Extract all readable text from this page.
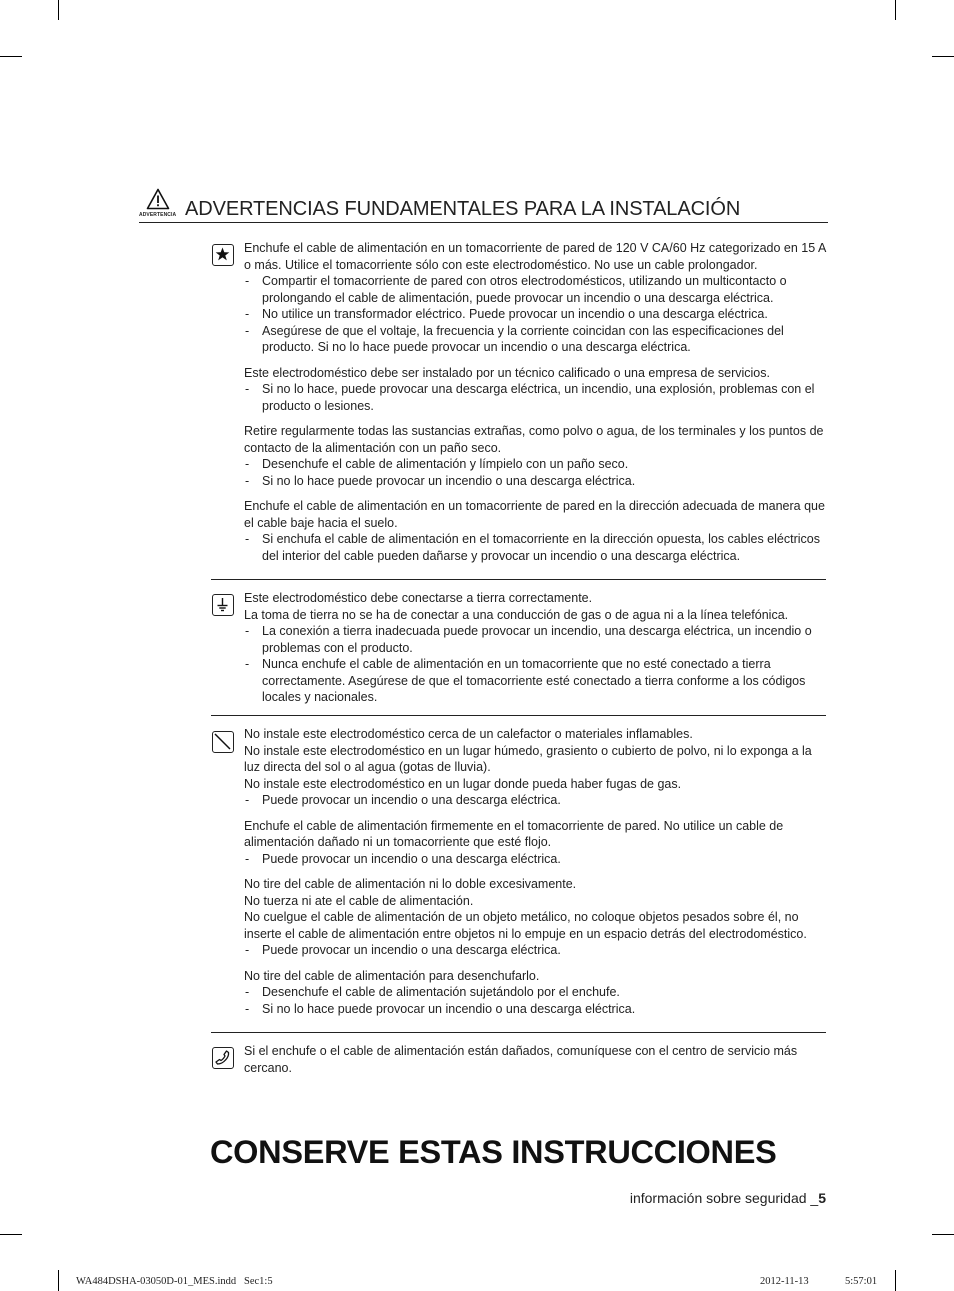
ADVERTENCIA ADVERTENCIAS FUNDAMENTALES PARA LA INSTALACIÓN

Enchufe el cable de alimentación en un tomacorriente de pared de 120 V CA/60 Hz categorizado en 15 A o más. Utilice el tomacorriente sólo con este electrodoméstico. No use un cable prolongador.

- Compartir el tomacorriente de pared con otros electrodomésticos, utilizando un multicontacto o prolongando el cable de alimentación, puede provocar un incendio o una descarga eléctrica.

- No utilice un transformador eléctrico. Puede provocar un incendio o una descarga eléctrica.

- Asegúrese de que el voltaje, la frecuencia y la corriente coincidan con las especificaciones del producto. Si no lo hace puede provocar un incendio o una descarga eléctrica.

Este electrodoméstico debe ser instalado por un técnico calificado o una empresa de servicios.

- Si no lo hace, puede provocar una descarga eléctrica, un incendio, una explosión, problemas con el producto o lesiones.

Retire regularmente todas las sustancias extrañas, como polvo o agua, de los terminales y los puntos de contacto de la alimentación con un paño seco.

- Desenchufe el cable de alimentación y límpielo con un paño seco.

- Si no lo hace puede provocar un incendio o una descarga eléctrica.

Enchufe el cable de alimentación en un tomacorriente de pared en la dirección adecuada de manera que el cable baje hacia el suelo.

- Si enchufa el cable de alimentación en el tomacorriente en la dirección opuesta, los cables eléctricos del interior del cable pueden dañarse y provocar un incendio o una descarga eléctrica.

Este electrodoméstico debe conectarse a tierra correctamente.
La toma de tierra no se ha de conectar a una conducción de gas o de agua ni a la línea telefónica.

- La conexión a tierra inadecuada puede provocar un incendio, una descarga eléctrica, un incendio o problemas con el producto.

- Nunca enchufe el cable de alimentación en un tomacorriente que no esté conectado a tierra correctamente. Asegúrese de que el tomacorriente esté conectado a tierra conforme a los códigos locales y nacionales.

No instale este electrodoméstico cerca de un calefactor o materiales inflamables.
No instale este electrodoméstico en un lugar húmedo, grasiento o cubierto de polvo, ni lo exponga a la luz directa del sol o al agua (gotas de lluvia).
No instale este electrodoméstico en un lugar donde pueda haber fugas de gas.

- Puede provocar un incendio o una descarga eléctrica.

Enchufe el cable de alimentación firmemente en el tomacorriente de pared. No utilice un cable de alimentación dañado ni un tomacorriente que esté flojo.

- Puede provocar un incendio o una descarga eléctrica.

No tire del cable de alimentación ni lo doble excesivamente.
No tuerza ni ate el cable de alimentación.
No cuelgue el cable de alimentación de un objeto metálico, no coloque objetos pesados sobre él, no inserte el cable de alimentación entre objetos ni lo empuje en un espacio detrás del electrodoméstico.

- Puede provocar un incendio o una descarga eléctrica.

No tire del cable de alimentación para desenchufarlo.

- Desenchufe el cable de alimentación sujetándolo por el enchufe.

- Si no lo hace puede provocar un incendio o una descarga eléctrica.

Si el enchufe o el cable de alimentación están dañados, comuníquese con el centro de servicio más cercano.

CONSERVE ESTAS INSTRUCCIONES
información sobre seguridad _5
WA484DSHA-03050D-01_MES.indd   Sec1:5	2012-11-13	5:57:01
